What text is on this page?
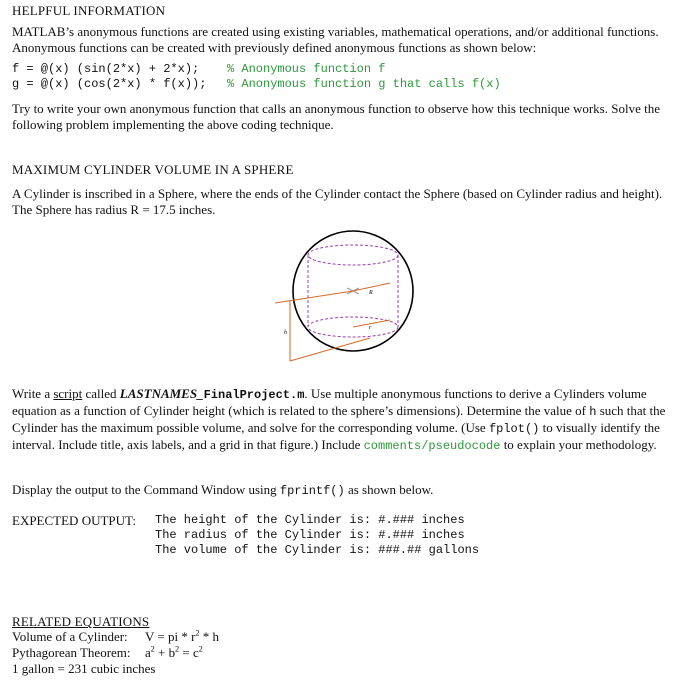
HELPFUL INFORMATION
MATLAB’s anonymous functions are created using existing variables, mathematical operations, and/or additional functions. Anonymous functions can be created with previously defined anonymous functions as shown below:
f = @(x) (sin(2*x) + 2*x); % Anonymous function f
g = @(x) (cos(2*x) * f(x)); % Anonymous function g that calls f(x)
Try to write your own anonymous function that calls an anonymous function to observe how this technique works. Solve the following problem implementing the above coding technique.
MAXIMUM CYLINDER VOLUME IN A SPHERE
A Cylinder is inscribed in a Sphere, where the ends of the Cylinder contact the Sphere (based on Cylinder radius and height). The Sphere has radius R = 17.5 inches.
R
r
h
Write a script called LASTNAMES_FinalProject.m. Use multiple anonymous functions to derive a Cylinders volume equation as a function of Cylinder height (which is related to the sphere’s dimensions). Determine the value of h such that the Cylinder has the maximum possible volume, and solve for the corresponding volume. (Use fplot() to visually identify the interval. Include title, axis labels, and a grid in that figure.) Include comments/pseudocode to explain your methodology.
Display the output to the Command Window using fprintf() as shown below.
EXPECTED OUTPUT: The height of the Cylinder is: #.### inches
The radius of the Cylinder is: #.### inches
The volume of the Cylinder is: ###.## gallons
RELATED EQUATIONS
Volume of a Cylinder: V = pi * $r^2$ * h
Pythagorean Theorem: $a^2 + b^2 = c^2$
1 gallon = 231 cubic inches
